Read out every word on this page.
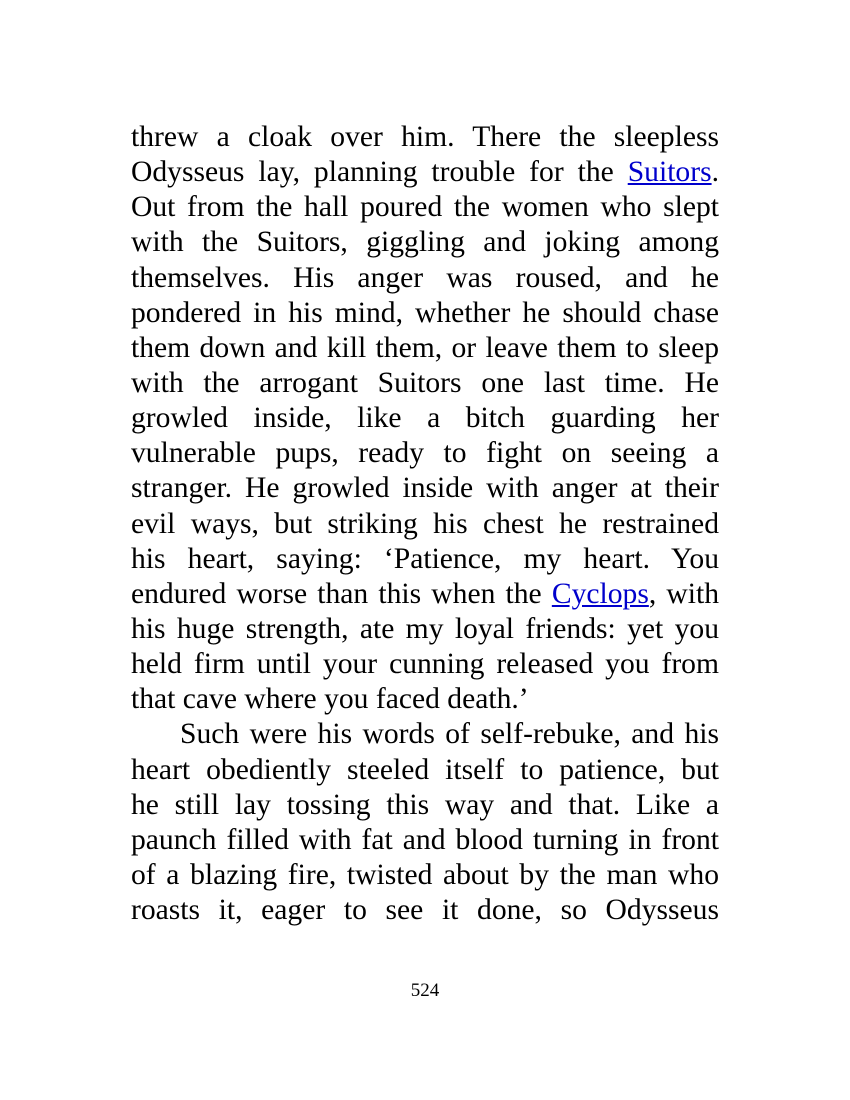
threw a cloak over him. There the sleepless
Odysseus lay, planning trouble for the Suitors.
Out from the hall poured the women who slept
with the Suitors, giggling and joking among
themselves. His anger was roused, and he
pondered in his mind, whether he should chase
them down and kill them, or leave them to sleep
with the arrogant Suitors one last time. He
growled inside, like a bitch guarding her
vulnerable pups, ready to fight on seeing a
stranger. He growled inside with anger at their
evil ways, but striking his chest he restrained
his heart, saying: ‘Patience, my heart. You
endured worse than this when the Cyclops, with
his huge strength, ate my loyal friends: yet you
held firm until your cunning released you from
that cave where you faced death.’
Such were his words of self-rebuke, and his
heart obediently steeled itself to patience, but
he still lay tossing this way and that. Like a
paunch filled with fat and blood turning in front
of a blazing fire, twisted about by the man who
roasts it, eager to see it done, so Odysseus
524
